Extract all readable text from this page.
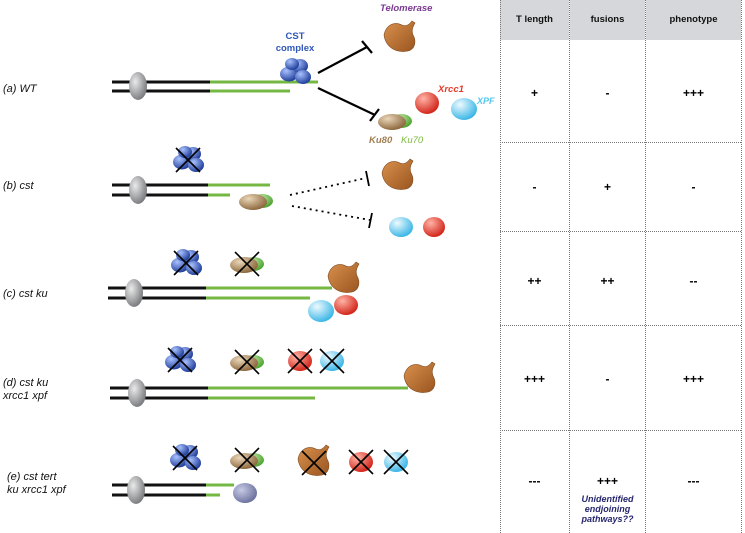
(a) WT
(b) cst
(c) cst ku
(d) cst ku
xrcc1 xpf
(e) cst tert
ku xrcc1 xpf
CST
complex
Telomerase
Xrcc1
XPF
Ku80 Ku70
T length	fusions	phenotype
+	-	+++
-	+	-
++	++	--
+++	-	+++
---	+++	---
Unidentified
endjoining
pathways??
